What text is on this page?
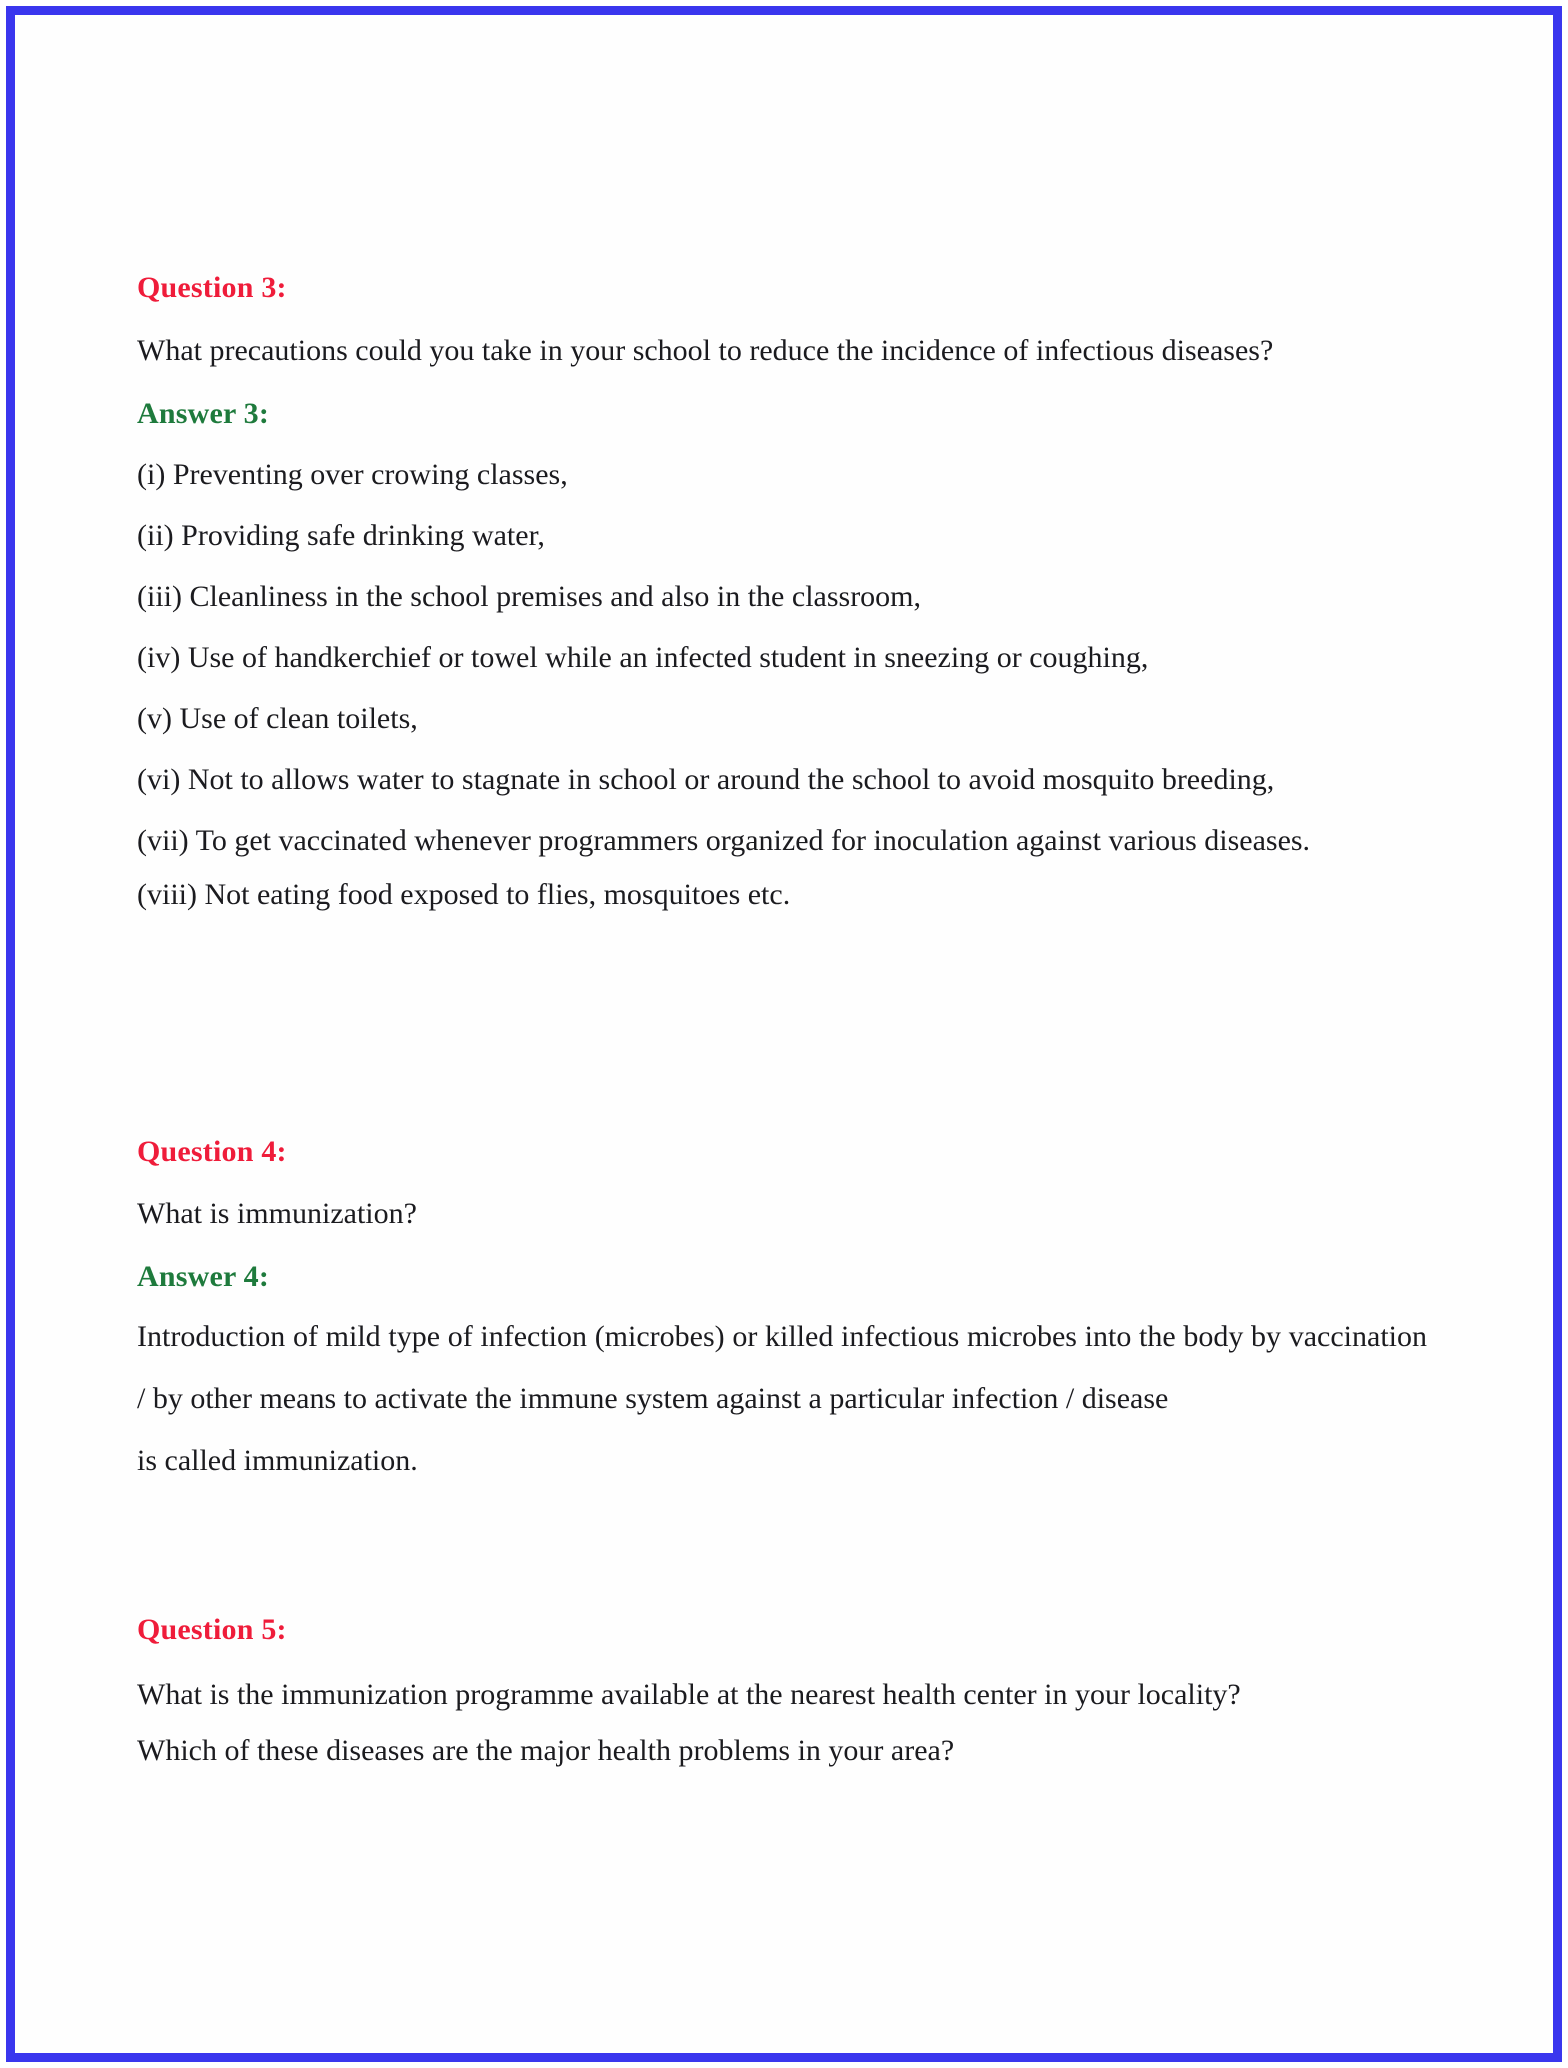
Question 3:
What precautions could you take in your school to reduce the incidence of infectious diseases?
Answer 3:
(i) Preventing over crowing classes,
(ii) Providing safe drinking water,
(iii) Cleanliness in the school premises and also in the classroom,
(iv) Use of handkerchief or towel while an infected student in sneezing or coughing,
(v) Use of clean toilets,
(vi) Not to allows water to stagnate in school or around the school to avoid mosquito breeding,
(vii) To get vaccinated whenever programmers organized for inoculation against various diseases.
(viii) Not eating food exposed to flies, mosquitoes etc.
Question 4:
What is immunization?
Answer 4:
Introduction of mild type of infection (microbes) or killed infectious microbes into the body by vaccination / by other means to activate the immune system against a particular infection / disease
is called immunization.
Question 5:
What is the immunization programme available at the nearest health center in your locality?
Which of these diseases are the major health problems in your area?
